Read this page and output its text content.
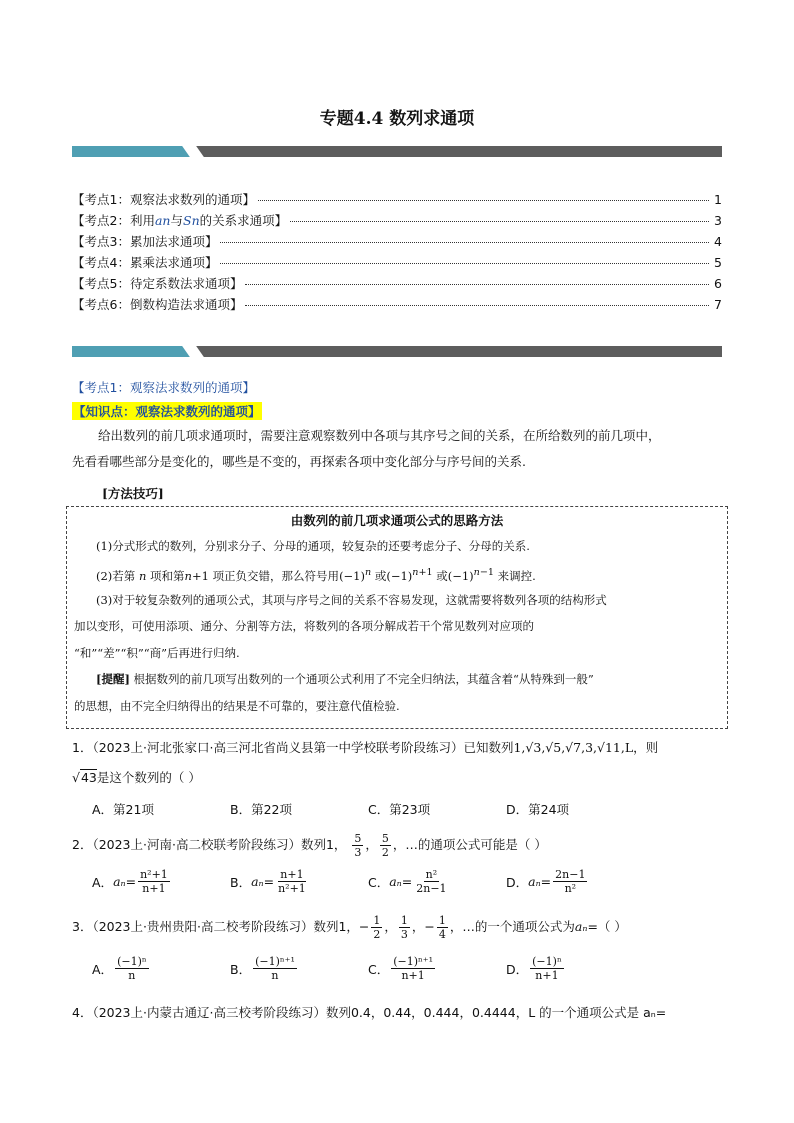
专题4.4 数列求通项
【考点1：观察法求数列的通项】	1
【考点2：利用an与Sn的关系求通项】	3
【考点3：累加法求通项】	4
【考点4：累乘法求通项】	5
【考点5：待定系数法求通项】	6
【考点6：倒数构造法求通项】	7
【考点1：观察法求数列的通项】
【知识点：观察法求数列的通项】
给出数列的前几项求通项时，需要注意观察数列中各项与其序号之间的关系，在所给数列的前几项中，
先看看哪些部分是变化的，哪些是不变的，再探索各项中变化部分与序号间的关系.
[方法技巧]
由数列的前几项求通项公式的思路方法
(1)分式形式的数列，分别求分子、分母的通项，较复杂的还要考虑分子、分母的关系.
(2)若第 n 项和第n+1 项正负交错，那么符号用$(-1)^n$ 或$(-1)^{n+1}$ 或$(-1)^{n-1}$ 来调控.
(3)对于较复杂数列的通项公式，其项与序号之间的关系不容易发现，这就需要将数列各项的结构形式
加以变形，可使用添项、通分、分割等方法，将数列的各项分解成若干个常见数列对应项的
“和”“差”“积”“商”后再进行归纳.
[提醒] 根据数列的前几项写出数列的一个通项公式利用了不完全归纳法，其蕴含着“从特殊到一般”
的思想，由不完全归纳得出的结果是不可靠的，要注意代值检验.
1．（2023上·河北张家口·高三河北省尚义县第一中学校联考阶段练习）已知数列1,√3,√5,√7,3,√11,L，则
√43是这个数列的（ ）
A．第21项	B．第22项	C．第23项	D．第24项
2．（2023上·河南·高二校联考阶段练习）数列1， $\frac{5}{3}$ ， $\frac{5}{2}$ ，…的通项公式可能是（ ）
A． $a_n = \frac{\text{n²+1}}{n+1}$	B． $a_n = \frac{n+1}{\text{n²+1}}$	C． $a_n = \frac{\text{n²}}{2n-1}$	D． $a_n = \frac{2n-1}{\text{n²}}$
3．（2023上·贵州贵阳·高二校考阶段练习）数列1，− $\frac{1}{2}$ ， $\frac{1}{3}$ ，− $\frac{1}{4}$ ，…的一个通项公式为aₙ=（ ）
A． $\frac{\text{(−1)ⁿ}}{n}$	B． $\frac{\text{(−1)ⁿ⁺¹}}{n}$	C． $\frac{\text{(−1)ⁿ⁺¹}}{n+1}$	D． $\frac{\text{(−1)ⁿ}}{n+1}$
4．（2023上·内蒙古通辽·高三校考阶段练习）数列0.4，0.44，0.444，0.4444，L 的一个通项公式是 aₙ=
